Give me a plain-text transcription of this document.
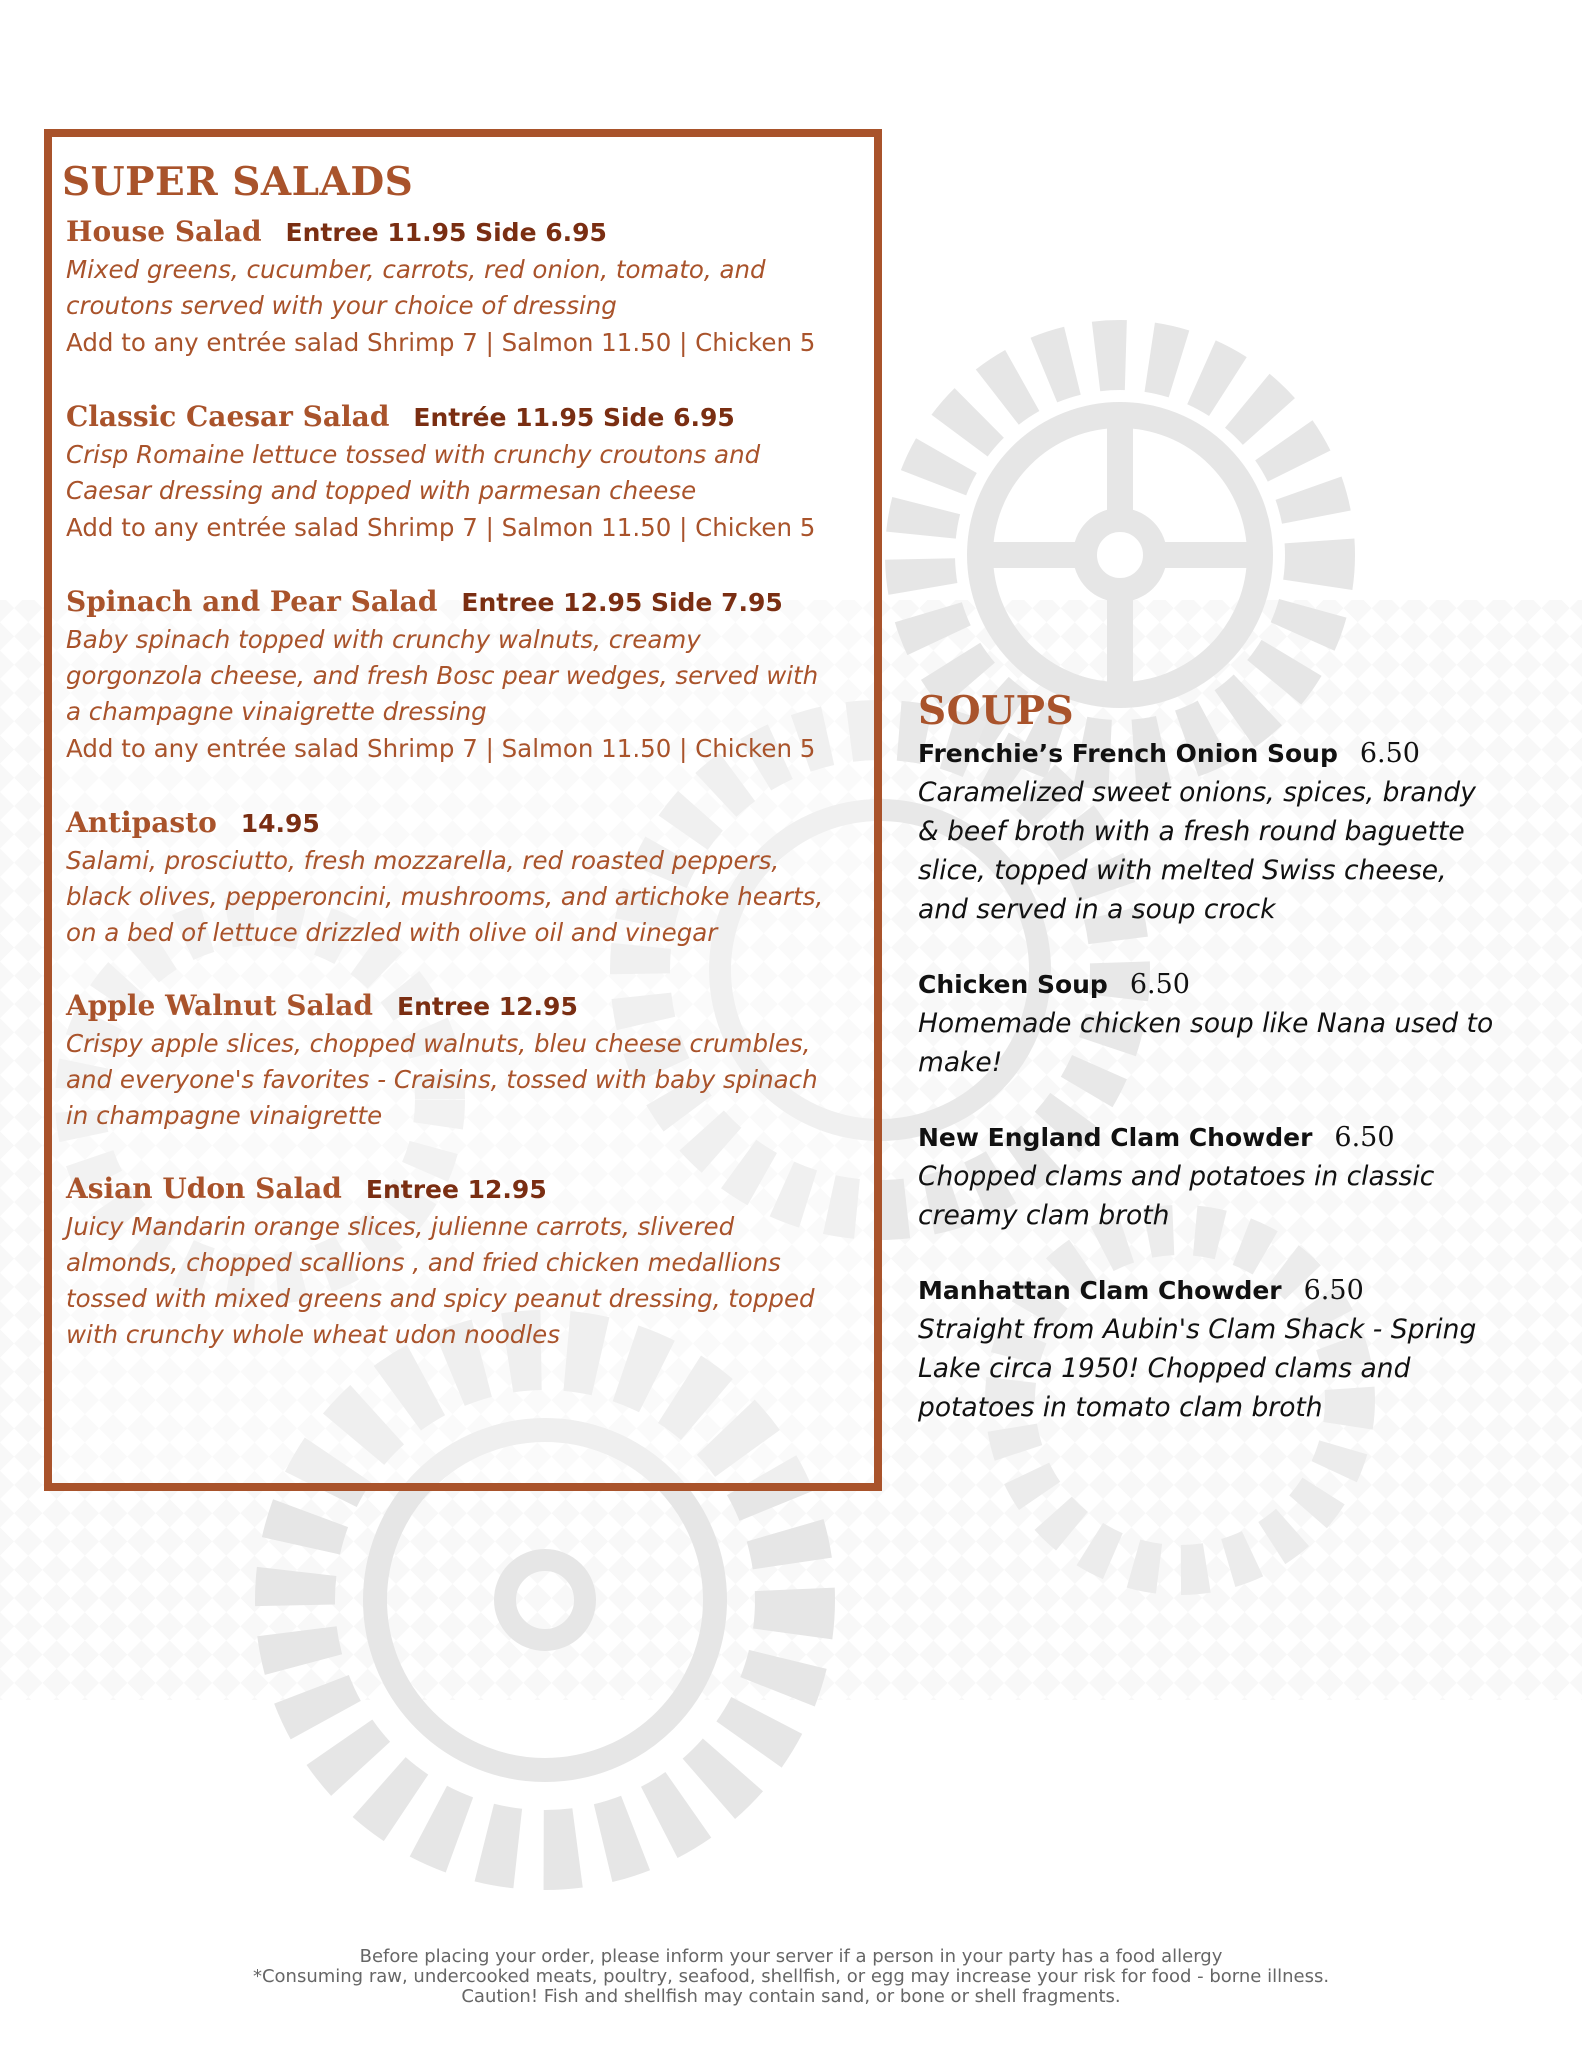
SUPER SALADS
House Salad Entree 11.95 Side 6.95
Mixed greens, cucumber, carrots, red onion, tomato, and
croutons served with your choice of dressing
Add to any entrée salad Shrimp 7 | Salmon 11.50 | Chicken 5
Classic Caesar Salad Entrée 11.95 Side 6.95
Crisp Romaine lettuce tossed with crunchy croutons and
Caesar dressing and topped with parmesan cheese
Add to any entrée salad Shrimp 7 | Salmon 11.50 | Chicken 5
Spinach and Pear Salad Entree 12.95 Side 7.95
Baby spinach topped with crunchy walnuts, creamy
gorgonzola cheese, and fresh Bosc pear wedges, served with
a champagne vinaigrette dressing
Add to any entrée salad Shrimp 7 | Salmon 11.50 | Chicken 5
Antipasto 14.95
Salami, prosciutto, fresh mozzarella, red roasted peppers,
black olives, pepperoncini, mushrooms, and artichoke hearts,
on a bed of lettuce drizzled with olive oil and vinegar
Apple Walnut Salad Entree 12.95
Crispy apple slices, chopped walnuts, bleu cheese crumbles,
and everyone's favorites - Craisins, tossed with baby spinach
in champagne vinaigrette
Asian Udon Salad Entree 12.95
Juicy Mandarin orange slices, julienne carrots, slivered
almonds, chopped scallions , and fried chicken medallions
tossed with mixed greens and spicy peanut dressing, topped
with crunchy whole wheat udon noodles
SOUPS
Frenchie’s French Onion Soup 6.50
Caramelized sweet onions, spices, brandy
& beef broth with a fresh round baguette
slice, topped with melted Swiss cheese,
and served in a soup crock
Chicken Soup 6.50
Homemade chicken soup like Nana used to
make!
New England Clam Chowder 6.50
Chopped clams and potatoes in classic
creamy clam broth
Manhattan Clam Chowder 6.50
Straight from Aubin's Clam Shack - Spring
Lake circa 1950! Chopped clams and
potatoes in tomato clam broth
Before placing your order, please inform your server if a person in your party has a food allergy
*Consuming raw, undercooked meats, poultry, seafood, shellfish, or egg may increase your risk for food - borne illness.
Caution! Fish and shellfish may contain sand, or bone or shell fragments.
